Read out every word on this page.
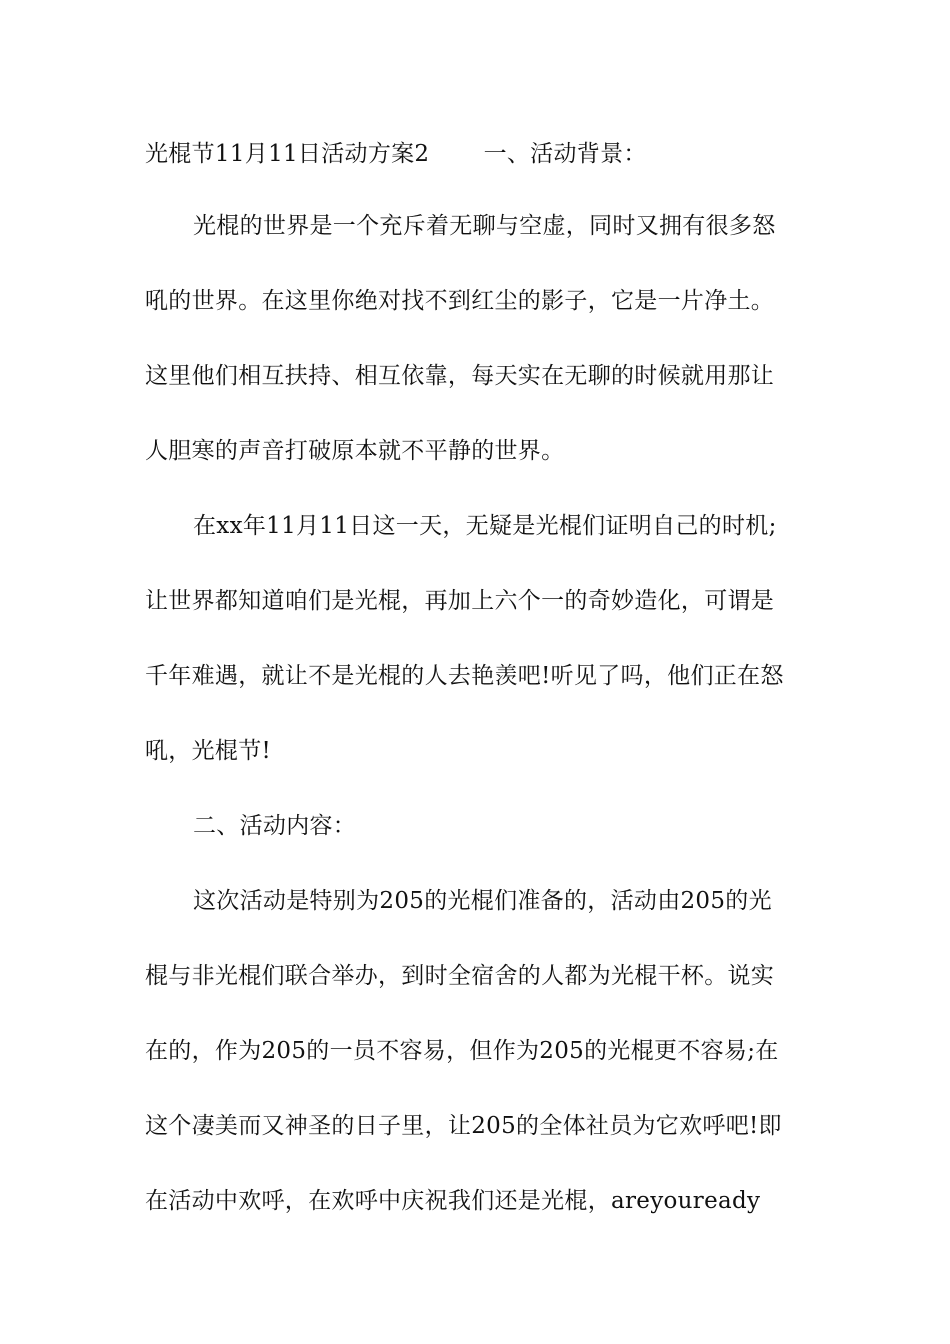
光棍节11月11日活动方案2　　 一、活动背景：
光棍的世界是一个充斥着无聊与空虚，同时又拥有很多怒
吼的世界。在这里你绝对找不到红尘的影子，它是一片净土。
这里他们相互扶持、相互依靠，每天实在无聊的时候就用那让
人胆寒的声音打破原本就不平静的世界。
在xx年11月11日这一天，无疑是光棍们证明自己的时机;
让世界都知道咱们是光棍，再加上六个一的奇妙造化，可谓是
千年难遇，就让不是光棍的人去艳羡吧!听见了吗，他们正在怒
吼，光棍节!
二、活动内容：
这次活动是特别为205的光棍们准备的，活动由205的光
棍与非光棍们联合举办，到时全宿舍的人都为光棍干杯。说实
在的，作为205的一员不容易，但作为205的光棍更不容易;在
这个凄美而又神圣的日子里，让205的全体社员为它欢呼吧!即
在活动中欢呼，在欢呼中庆祝我们还是光棍，areyouready
